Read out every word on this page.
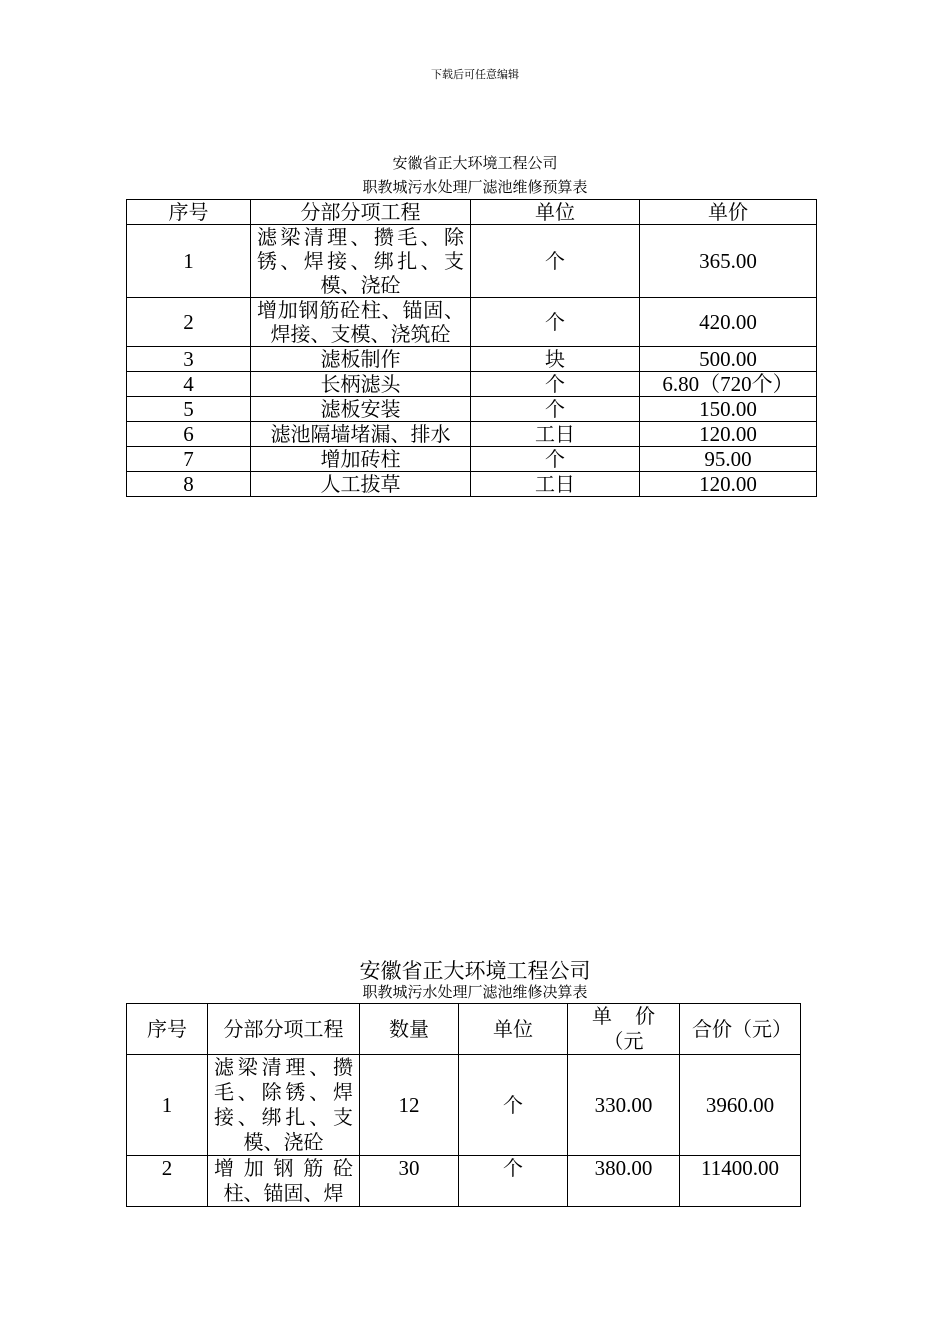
下载后可任意编辑
安徽省正大环境工程公司
职教城污水处理厂滤池维修预算表
序号	分部分项工程	单位	单价
1	滤梁清理、攒毛、除锈、焊接、绑扎、支模、浇砼	个	365.00
2	增加钢筋砼柱、锚固、焊接、支模、浇筑砼	个	420.00
3	滤板制作	块	500.00
4	长柄滤头	个	6.80（720个）
5	滤板安装	个	150.00
6	滤池隔墙堵漏、排水	工日	120.00
7	增加砖柱	个	95.00
8	人工拔草	工日	120.00
安徽省正大环境工程公司
职教城污水处理厂滤池维修决算表
序号	分部分项工程	数量	单位	单价（元	合价（元）

1	滤梁清理、攒毛、除锈、焊接、绑扎、支模、浇砼	12	个	330.00	3960.00
2	增加钢筋砼柱、锚固、焊	30	个	380.00	11400.00
